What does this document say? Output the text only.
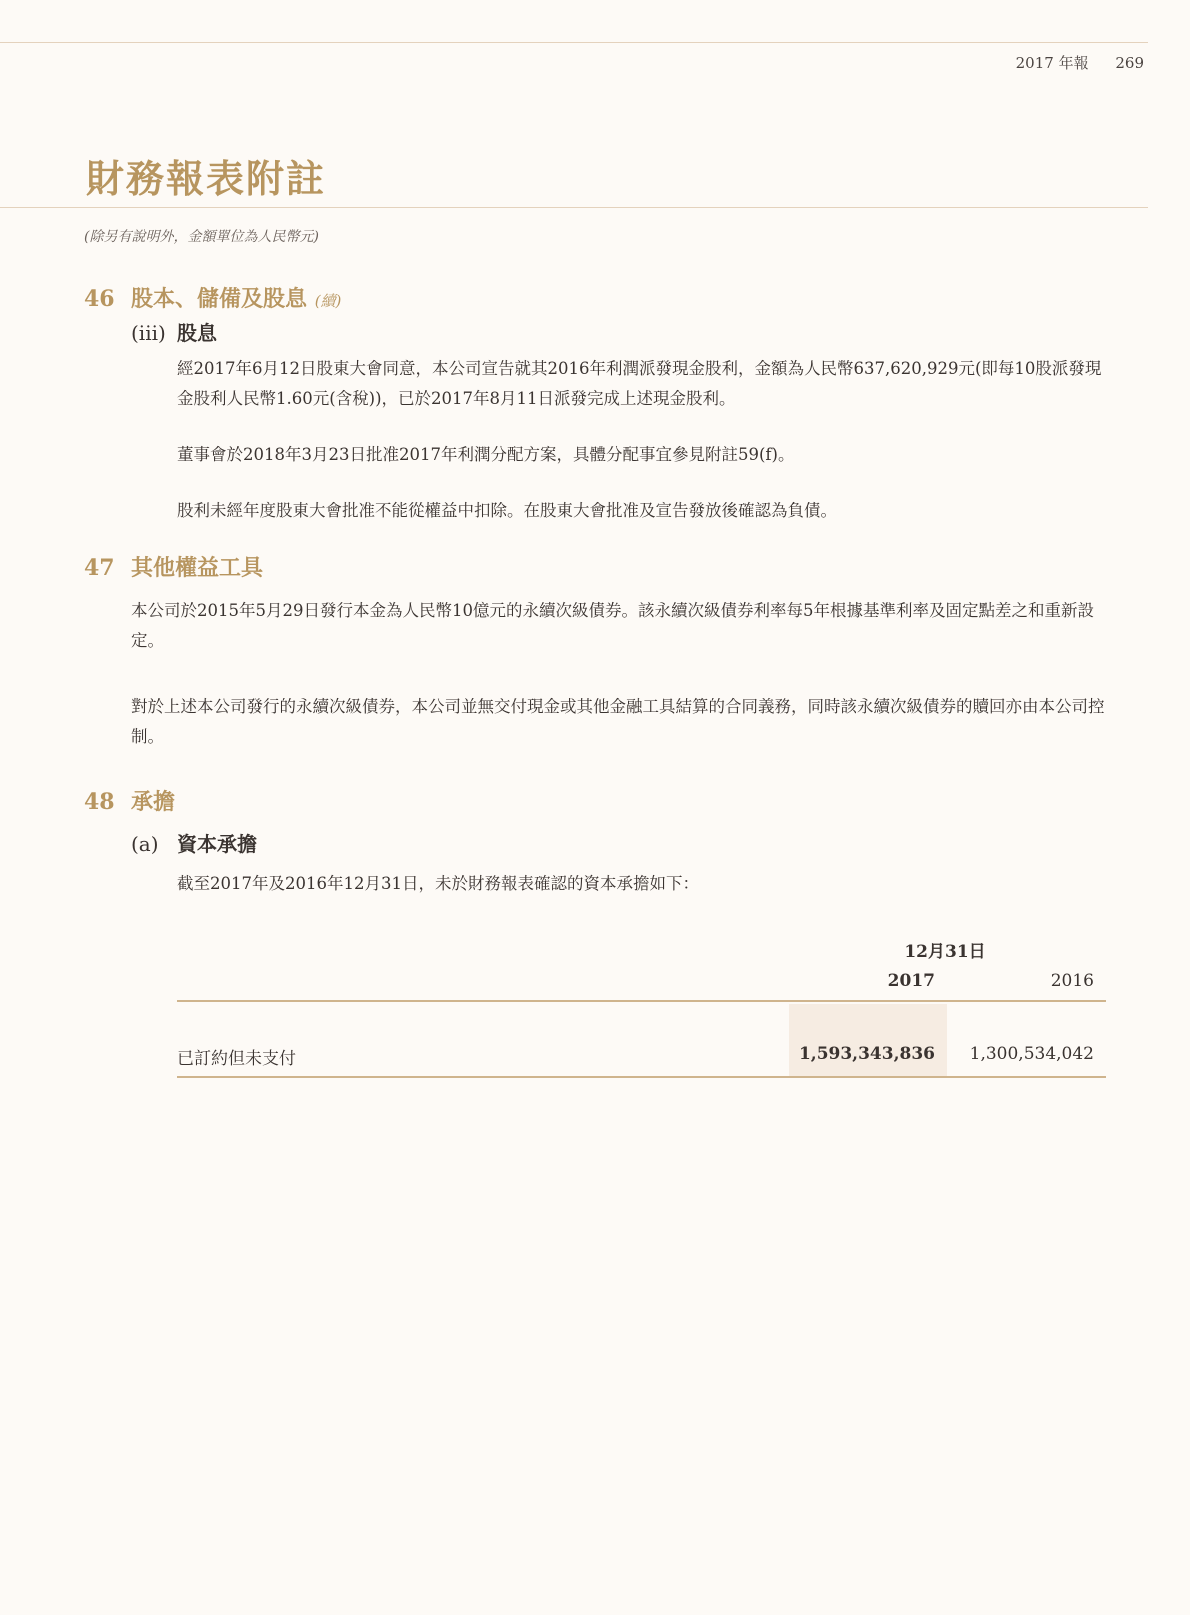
2017 年報 269
財務報表附註
(除另有說明外，金額單位為人民幣元)
46 股本、儲備及股息 (續)
(iii) 股息

經2017年6月12日股東大會同意，本公司宣告就其2016年利潤派發現金股利，金額為人民幣637,620,929元(即每10股派發現金股利人民幣1.60元(含稅))，已於2017年8月11日派發完成上述現金股利。

董事會於2018年3月23日批准2017年利潤分配方案，具體分配事宜參見附註59(f)。

股利未經年度股東大會批准不能從權益中扣除。在股東大會批准及宣告發放後確認為負債。

47 其他權益工具

本公司於2015年5月29日發行本金為人民幣10億元的永續次級債券。該永續次級債券利率每5年根據基準利率及固定點差之和重新設定。

對於上述本公司發行的永續次級債券，本公司並無交付現金或其他金融工具結算的合同義務，同時該永續次級債券的贖回亦由本公司控制。

48 承擔
(a) 資本承擔

截至2017年及2016年12月31日，未於財務報表確認的資本承擔如下：

12月31日
2017	2016
已訂約但未支付	1,593,343,836	1,300,534,042
